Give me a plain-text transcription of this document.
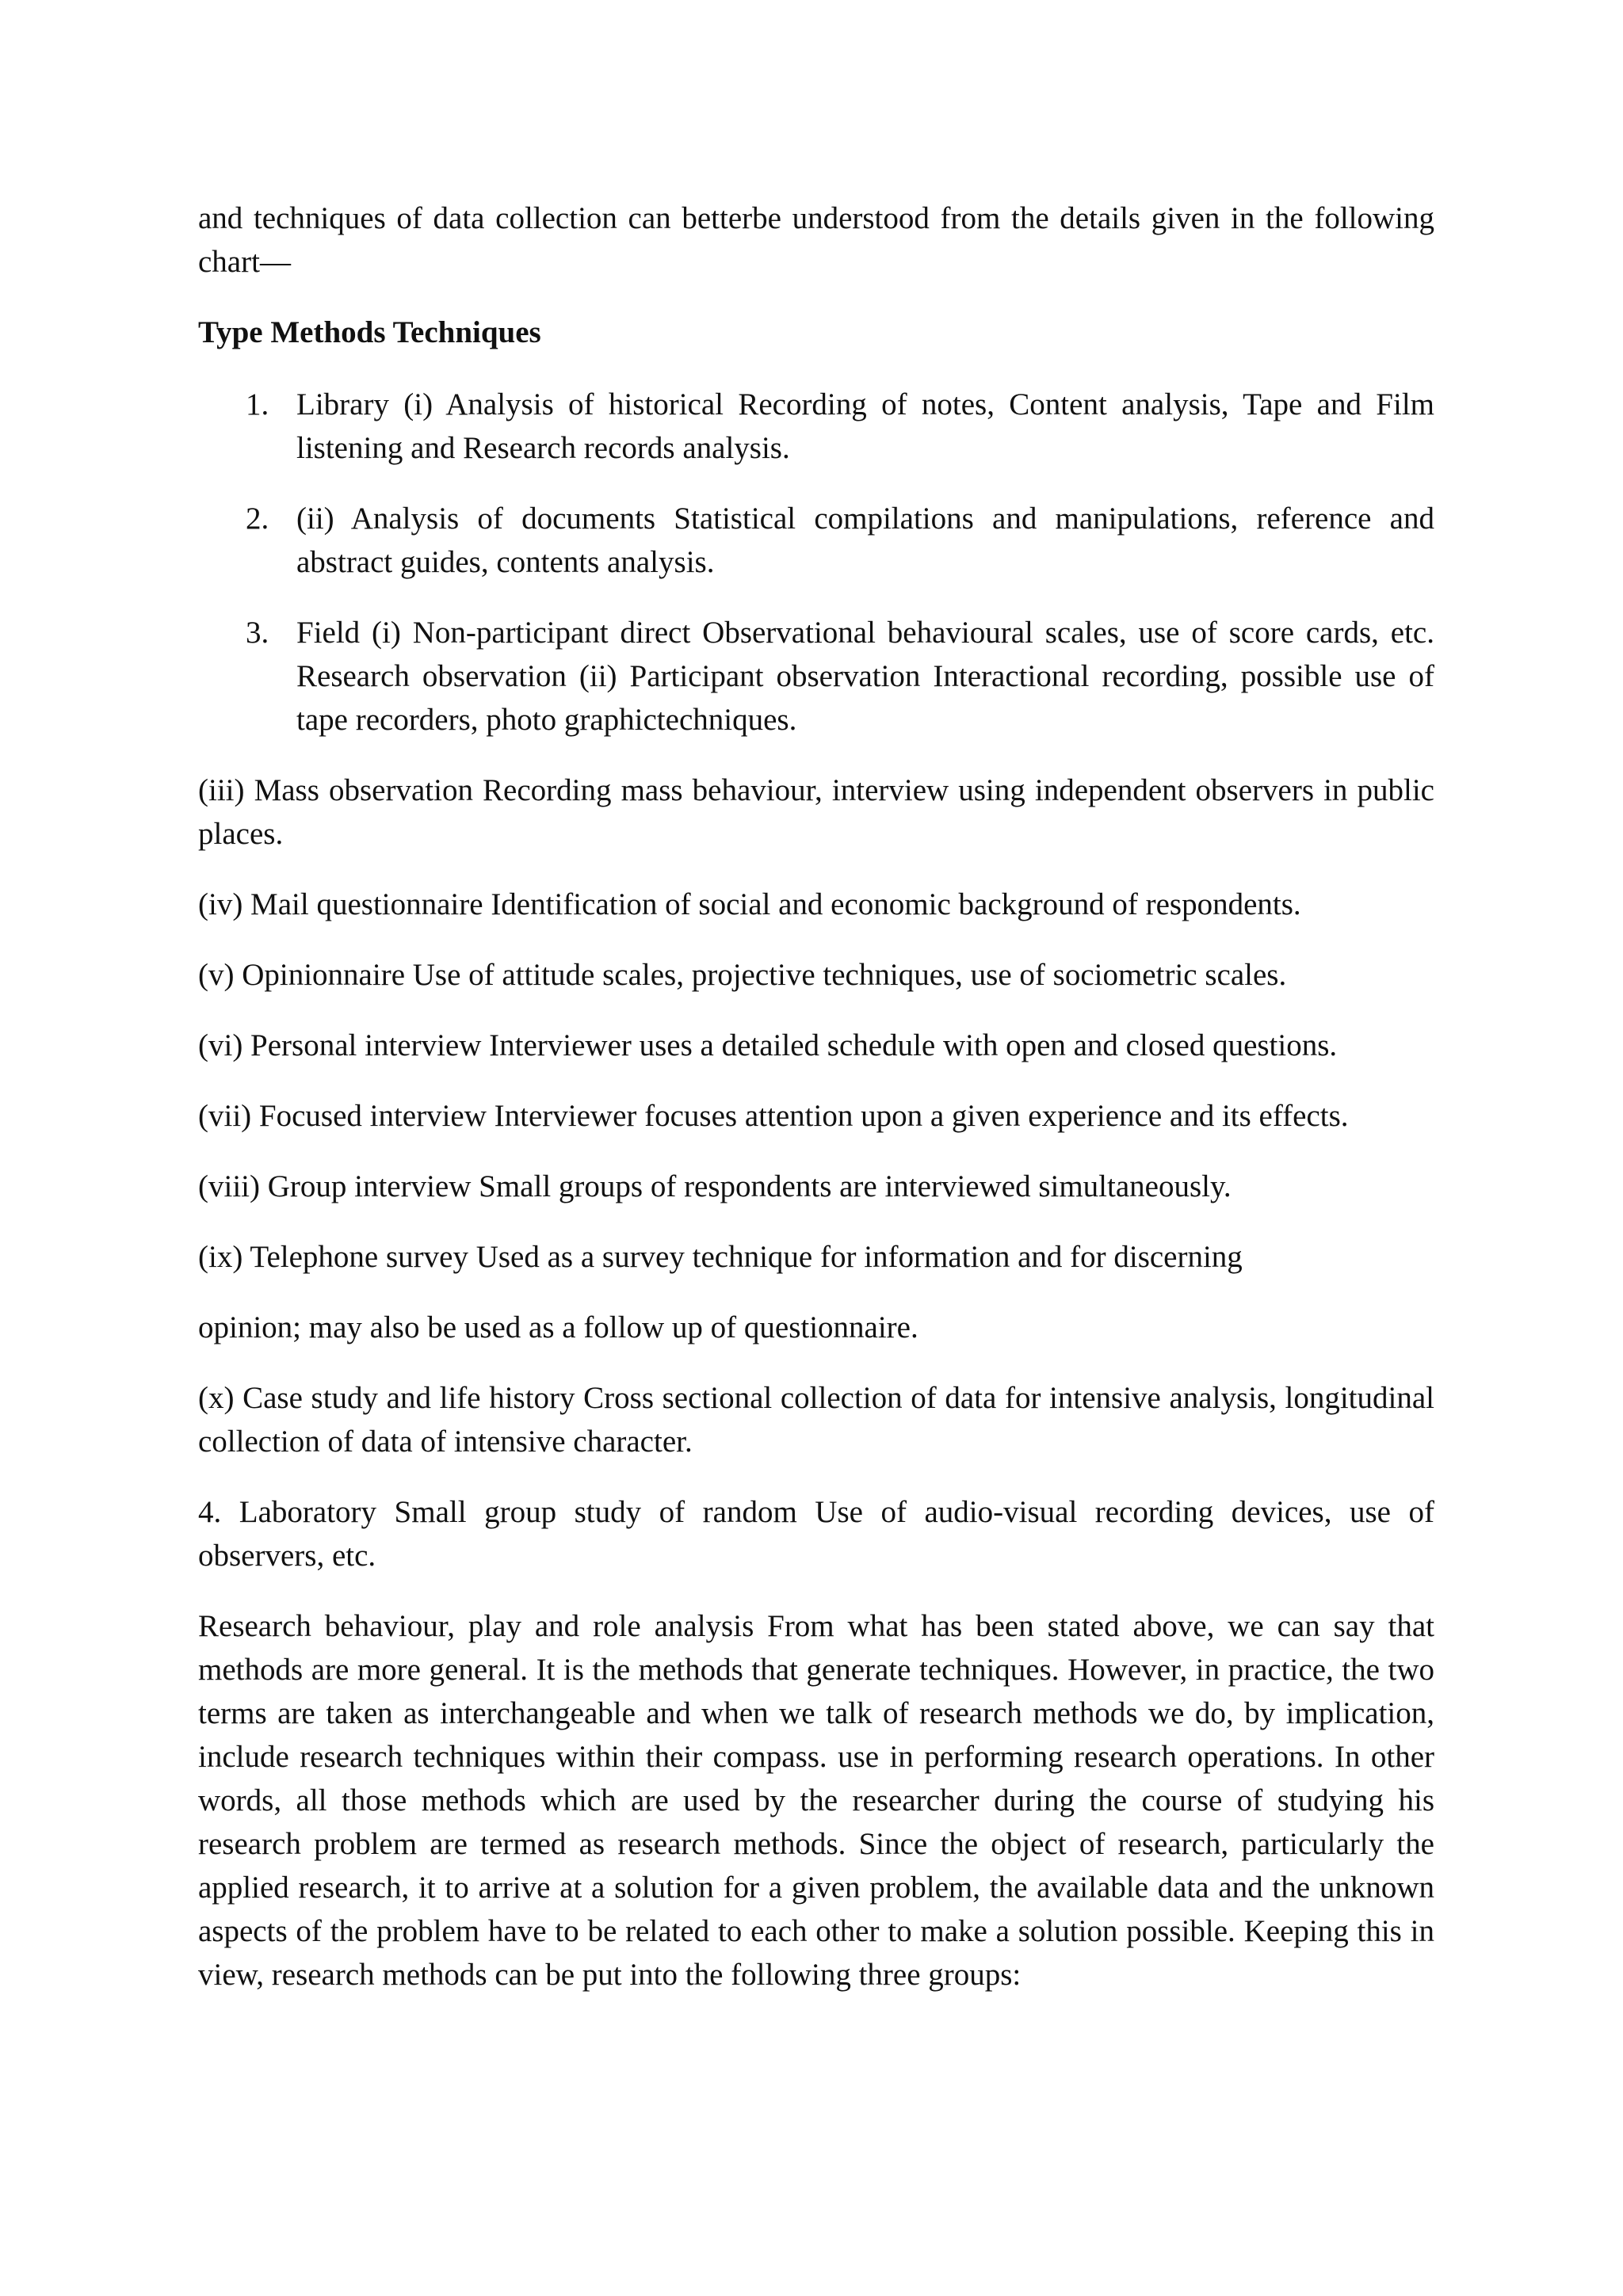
and techniques of data collection can betterbe understood from the details given in the following chart—

Type Methods Techniques

1. Library (i) Analysis of historical Recording of notes, Content analysis, Tape and Film listening and Research records analysis.
2. (ii) Analysis of documents Statistical compilations and manipulations, reference and abstract guides, contents analysis.
3. Field (i) Non-participant direct Observational behavioural scales, use of score cards, etc. Research observation (ii) Participant observation Interactional recording, possible use of tape recorders, photo graphictechniques.

(iii) Mass observation Recording mass behaviour, interview using independent observers in public places.

(iv) Mail questionnaire Identification of social and economic background of respondents.

(v) Opinionnaire Use of attitude scales, projective techniques, use of sociometric scales.

(vi) Personal interview Interviewer uses a detailed schedule with open and closed questions.

(vii) Focused interview Interviewer focuses attention upon a given experience and its effects.

(viii) Group interview Small groups of respondents are interviewed simultaneously.

(ix) Telephone survey Used as a survey technique for information and for discerning

opinion; may also be used as a follow up of questionnaire.

(x) Case study and life history Cross sectional collection of data for intensive analysis, longitudinal collection of data of intensive character.

4. Laboratory Small group study of random Use of audio-visual recording devices, use of observers, etc.

Research behaviour, play and role analysis From what has been stated above, we can say that methods are more general. It is the methods that generate techniques. However, in practice, the two terms are taken as interchangeable and when we talk of research methods we do, by implication, include research techniques within their compass. use in performing research operations. In other words, all those methods which are used by the researcher during the course of studying his research problem are termed as research methods. Since the object of research, particularly the applied research, it to arrive at a solution for a given problem, the available data and the unknown aspects of the problem have to be related to each other to make a solution possible. Keeping this in view, research methods can be put into the following three groups:
